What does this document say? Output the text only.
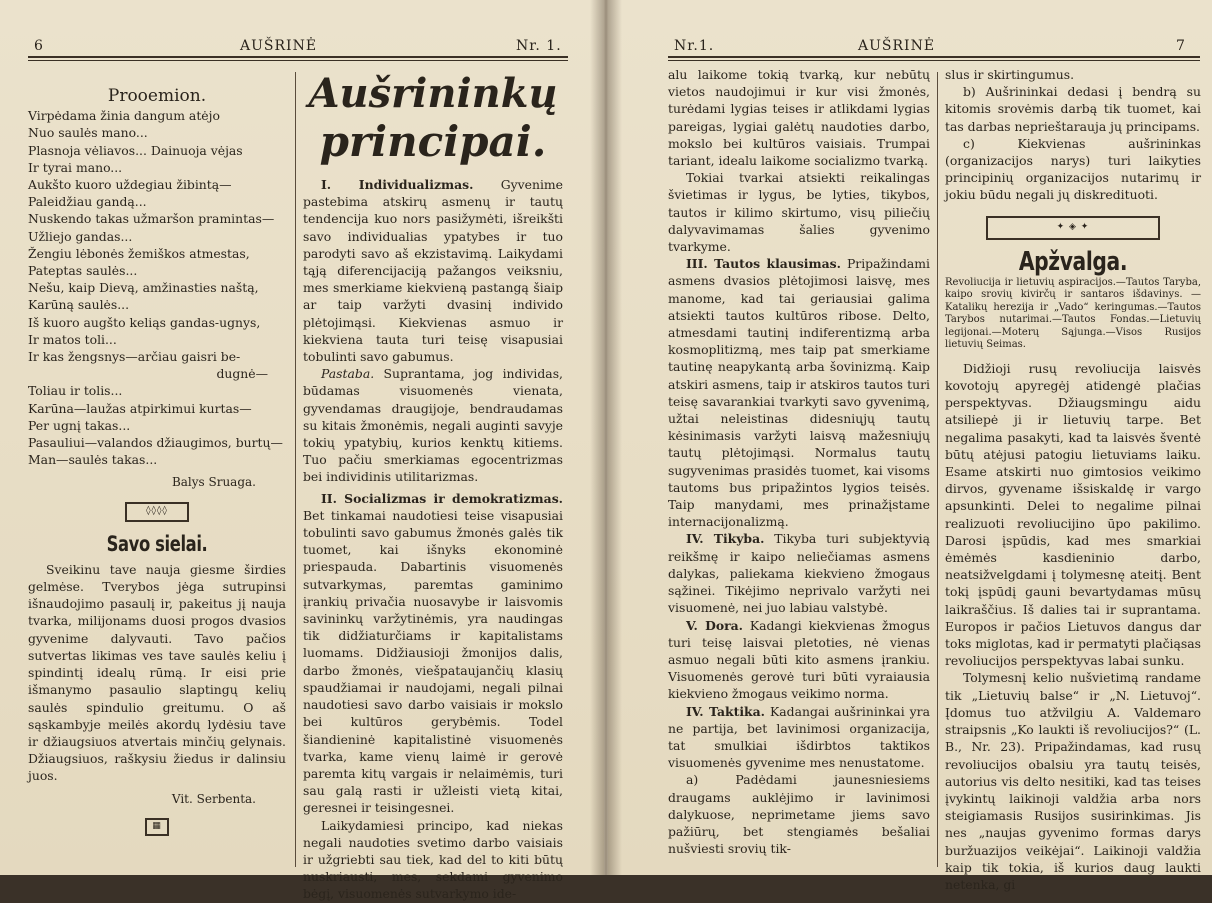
6	AUŠRINĖ	Nr. 1.
Prooemion.
Virpėdama žinia dangum atėjo
Nuo saulės mano...
Plasnoja vėliavos... Dainuoja vėjas
Ir tyrai mano...
Aukšto kuoro uždegiau žibintą—
Paleidžiau gandą...
Nuskendo takas užmaršon pramintas—
Užliejo gandas...
Žengiu lėbonės žemiškos atmestas,
Pateptas saulės...
Nešu, kaip Dievą, amžinasties naštą,
Karūną saulės...
Iš kuoro augšto keliąs gandas-ugnys,
Ir matos toli...
Ir kas žengsnys—arčiau gaisri be-
dugnė—
Toliau ir tolis...
Karūna—laužas atpirkimui kurtas—
Per ugnį takas...
Pasauliui—valandos džiaugimos, burtų—
Man—saulės takas...
Balys Sruaga.
◊◊◊◊
Savo sielai.

Sveikinu tave nauja giesme širdies gelmėse. Tverybos jėga sutrupinsi išnaudojimo pasaulį ir, pakeitus jį nauja tvarka, milijonams duosi progos dvasios gyvenime dalyvauti. Tavo pačios sutvertas likimas ves tave saulės keliu į spindintį idealų rūmą. Ir eisi prie išmanymo pasaulio slaptingų kelių saulės spindulio greitumu. O aš sąskambyje meilės akordų lydėsiu tave ir džiaugsiuos atvertais minčių gelynais. Džiaugsiuos, raškysiu žiedus ir dalinsiu juos.

Vit. Serbenta.
▦
Aušrininkų
principai.

I. Individualizmas. Gyvenime pastebima atskirų asmenų ir tautų tendencija kuo nors pasižymėti, išreikšti savo individualias ypatybes ir tuo parodyti savo aš ekzistavimą. Laikydami tąją diferencijaciją pažangos veiksniu, mes smerkiame kiekvieną pastangą šiaip ar taip varžyti dvasinį individo plėtojimąsi. Kiekvienas asmuo ir kiekviena tauta turi teisę visapusiai tobulinti savo gabumus.

Pastaba. Suprantama, jog individas, būdamas visuomenės vienata, gyvendamas draugijoje, bendraudamas su kitais žmonėmis, negali auginti savyje tokių ypatybių, kurios kenktų kitiems. Tuo pačiu smerkiamas egocentrizmas bei individinis utilitarizmas.

II. Socializmas ir demokratizmas. Bet tinkamai naudotiesi teise visapusiai tobulinti savo gabumus žmonės galės tik tuomet, kai išnyks ekonominė priespauda. Dabartinis visuomenės sutvarkymas, paremtas gaminimo įrankių privačia nuosavybe ir laisvomis savininkų varžytinėmis, yra naudingas tik didžiaturčiams ir kapitalistams luomams. Didžiausioji žmonijos dalis, darbo žmonės, viešpataujančių klasių spaudžiamai ir naudojami, negali pilnai naudotiesi savo darbo vaisiais ir mokslo bei kultūros gerybėmis. Todel šiandieninė kapitalistinė visuomenės tvarka, kame vienų laimė ir gerovė paremta kitų vargais ir nelaimėmis, turi sau galą rasti ir užleisti vietą kitai, geresnei ir teisingesnei.

Laikydamiesi principo, kad niekas negali naudoties svetimo darbo vaisiais ir užgriebti sau tiek, kad del to kiti būtų nuskriausti, mes, sekdami gyvenimo bėgį, visuomenės sutvarkymo ide-

Nr.1.	AUŠRINĖ	7

alu laikome tokią tvarką, kur nebūtų vietos naudojimui ir kur visi žmonės, turėdami lygias teises ir atlikdami lygias pareigas, lygiai galėtų naudoties darbo, mokslo bei kultūros vaisiais. Trumpai tariant, idealu laikome socializmo tvarką.

Tokiai tvarkai atsiekti reikalingas švietimas ir lygus, be lyties, tikybos, tautos ir kilimo skirtumo, visų piliečių dalyvavimamas šalies gyvenimo tvarkyme.

III. Tautos klausimas. Pripažindami asmens dvasios plėtojimosi laisvę, mes manome, kad tai geriausiai galima atsiekti tautos kultūros ribose. Delto, atmesdami tautinį indiferentizmą arba kosmoplitizmą, mes taip pat smerkiame tautinę neapykantą arba šovinizmą. Kaip atskiri asmens, taip ir atskiros tautos turi teisę savarankiai tvarkyti savo gyvenimą, užtai neleistinas didesniųjų tautų kėsinimasis varžyti laisvą mažesniųjų tautų plėtojimąsi. Normalus tautų sugyvenimas prasidės tuomet, kai visoms tautoms bus pripažintos lygios teisės. Taip manydami, mes prinažįstame internacijonalizmą.

IV. Tikyba. Tikyba turi subjektyvią reikšmę ir kaipo neliečiamas asmens dalykas, paliekama kiekvieno žmogaus sąžinei. Tikėjimo neprivalo varžyti nei visuomenė, nei juo labiau valstybė.

V. Dora. Kadangi kiekvienas žmogus turi teisę laisvai pletoties, nė vienas asmuo negali būti kito asmens įrankiu. Visuomenės gerovė turi būti vyraiausia kiekvieno žmogaus veikimo norma.

IV. Taktika. Kadangai aušrininkai yra ne partija, bet lavinimosi organizacija, tat smulkiai išdirbtos taktikos visuomenės gyvenime mes nenustatome.

a) Padėdami jaunesniesiems draugams auklėjimo ir lavinimosi dalykuose, neprimetame jiems savo pažiūrų, bet stengiamės bešaliai nušviesti srovių tik-

slus ir skirtingumus.

b) Aušrininkai dedasi į bendrą su kitomis srovėmis darbą tik tuomet, kai tas darbas neprieštarauja jų principams.

c) Kiekvienas aušrininkas (organizacijos narys) turi laikyties principinių organizacijos nutarimų ir jokiu būdu negali jų diskredituoti.

✦ ◈ ✦
Apžvalga.
Revoliucija ir lietuvių aspiracijos.—Tautos Taryba, kaipo srovių kivirčų ir santaros išdavinys. —Katalikų herezija ir „Vado“ keringumas.—Tautos Tarybos nutarimai.—Tautos Fondas.—Lietuvių legijonai.—Moterų Sąjunga.—Visos Rusijos lietuvių Seimas.

Didžioji rusų revoliucija laisvės kovotojų apyregėj atidengė plačias perspektyvas. Džiaugsmingu aidu atsiliepė ji ir lietuvių tarpe. Bet negalima pasakyti, kad ta laisvės šventė būtų atėjusi patogiu lietuviams laiku. Esame atskirti nuo gimtosios veikimo dirvos, gyvename išsiskaldę ir vargo apsunkinti. Delei to negalime pilnai realizuoti revoliucijino ūpo pakilimo. Darosi įspūdis, kad mes smarkiai ėmėmės kasdieninio darbo, neatsižvelgdami į tolymesnę ateitį. Bent tokį įspūdį gauni bevartydamas mūsų laikraščius. Iš dalies tai ir suprantama. Europos ir pačios Lietuvos dangus dar toks miglotas, kad ir permatyti plačiąsas revoliucijos perspektyvas labai sunku.

Tolymesnį kelio nušvietimą randame tik „Lietuvių balse“ ir „N. Lietuvoj“. Įdomus tuo atžvilgiu A. Valdemaro straipsnis „Ko laukti iš revoliucijos?“ (L. B., Nr. 23). Pripažindamas, kad rusų revoliucijos obalsiu yra tautų teisės, autorius vis delto nesitiki, kad tas teises įvykintų laikinoji valdžia arba nors steigiamasis Rusijos susirinkimas. Jis nes „naujas gyvenimo formas darys buržuazijos veikėjai“. Laikinoji valdžia kaip tik tokia, iš kurios daug laukti netenka, gi
